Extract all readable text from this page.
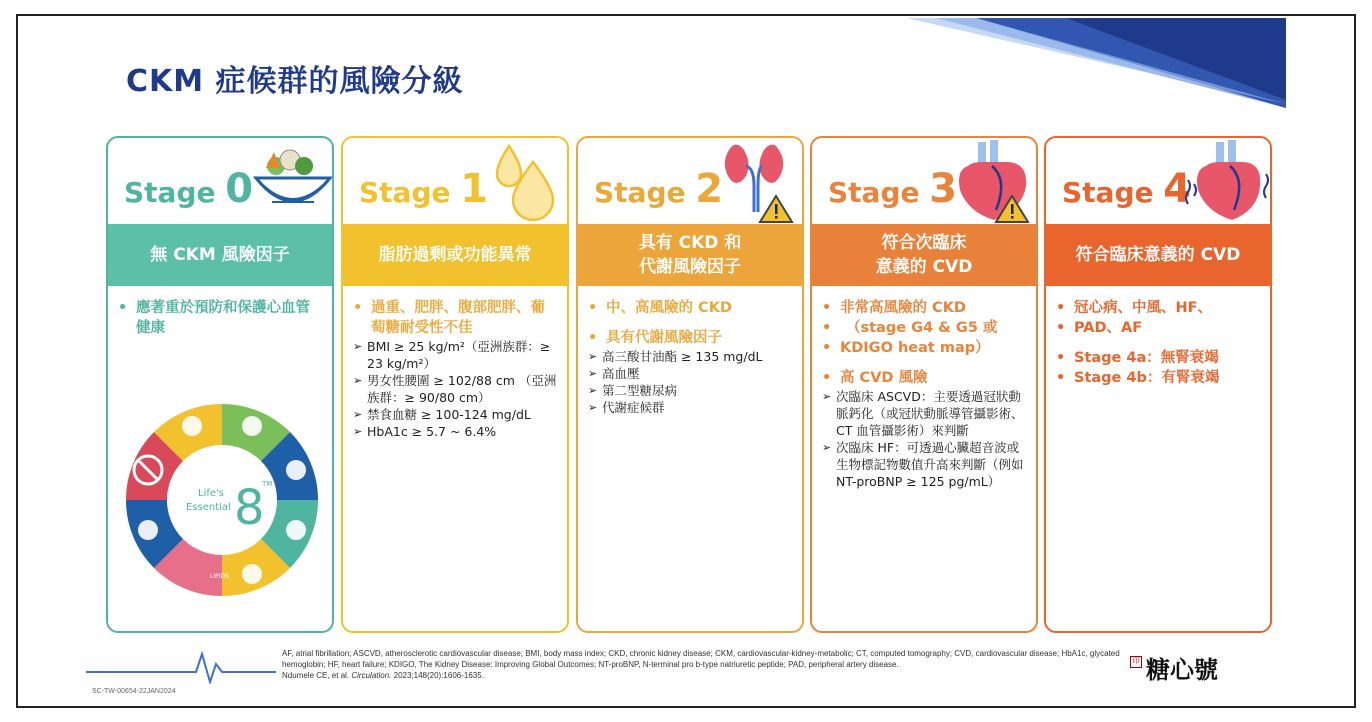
CKM 症候群的風險分級
Stage 0
無 CKM 風險因子
• 應著重於預防和保護心血管健康
Life's
Essential 8
TM
LIPIDS
Stage 1
脂肪過剩或功能異常
• 過重、肥胖、腹部肥胖、葡萄糖耐受性不佳
➢ BMI ≥ 25 kg/m²（亞洲族群：≥ 23 kg/m²）
➢ 男女性腰圍 ≥ 102/88 cm （亞洲族群：≥ 90/80 cm）
➢ 禁食血糖 ≥ 100-124 mg/dL
➢ HbA1c ≥ 5.7 ~ 6.4%
Stage 2
具有 CKD 和
代謝風險因子
• 中、高風險的 CKD
• 具有代謝風險因子
➢ 高三酸甘油酯 ≥ 135 mg/dL
➢ 高血壓
➢ 第二型糖尿病
➢ 代謝症候群
Stage 3
符合次臨床
意義的 CVD
• 非常高風險的 CKD
• （stage G4 & G5 或
• KDIGO heat map）
• 高 CVD 風險
➢ 次臨床 ASCVD：主要透過冠狀動脈鈣化（或冠狀動脈導管攝影術、CT 血管攝影術）來判斷
➢ 次臨床 HF：可透過心臟超音波或生物標記物數值升高來判斷（例如NT-proBNP ≥ 125 pg/mL）
Stage 4
符合臨床意義的 CVD
• 冠心病、中風、HF、
• PAD、AF
• Stage 4a：無腎衰竭
• Stage 4b：有腎衰竭
AF, atrial fibrillation; ASCVD, atherosclerotic cardiovascular disease; BMI, body mass index; CKD, chronic kidney disease; CKM, cardiovascular-kidney-metabolic; CT, computed tomography; CVD, cardiovascular disease; HbA1c, glycated hemoglobin; HF, heart failure; KDIGO, The Kidney Disease: Improving Global Outcomes; NT-proBNP, N-terminal pro b-type natriuretic peptide; PAD, peripheral artery disease.
Ndumele CE, et al. Circulation. 2023;148(20):1606-1635.
SC-TW-00654-22JAN2024
印 糖心號
